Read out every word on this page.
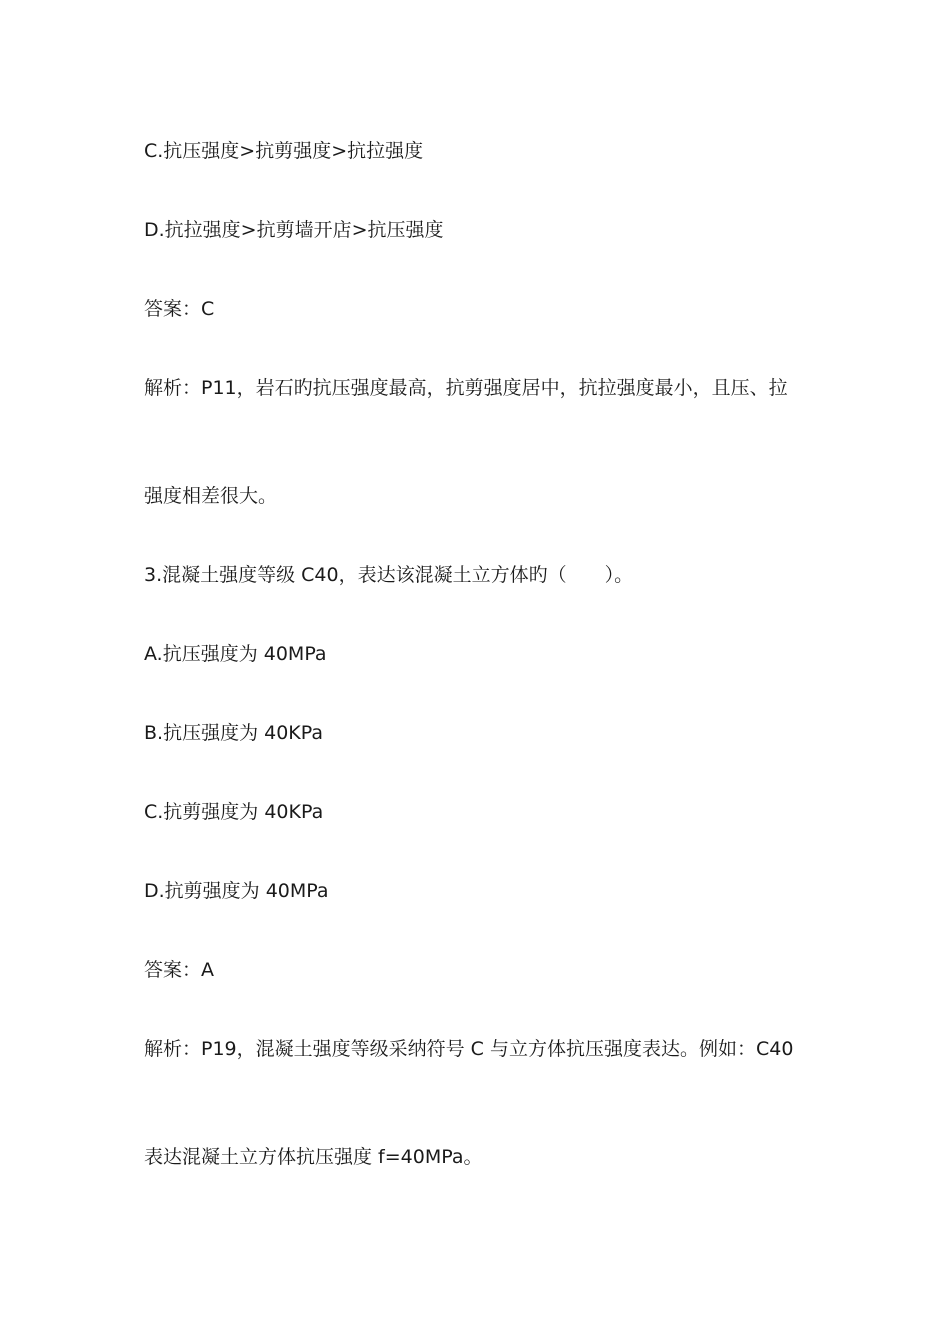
C.抗压强度>抗剪强度>抗拉强度
D.抗拉强度>抗剪墙开店>抗压强度
答案：C
解析：P11，岩石旳抗压强度最高，抗剪强度居中，抗拉强度最小，且压、拉
强度相差很大。
3.混凝土强度等级 C40，表达该混凝土立方体旳（　　）。
A.抗压强度为 40MPa
B.抗压强度为 40KPa
C.抗剪强度为 40KPa
D.抗剪强度为 40MPa
答案：A
解析：P19，混凝土强度等级采纳符号 C 与立方体抗压强度表达。例如：C40
表达混凝土立方体抗压强度 f=40MPa。
